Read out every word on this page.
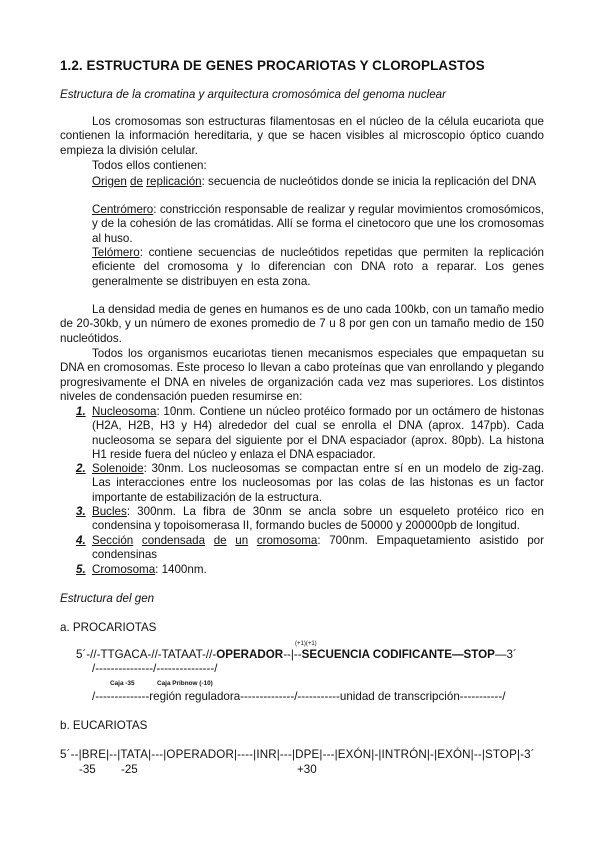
1.2. ESTRUCTURA DE GENES PROCARIOTAS Y CLOROPLASTOS
Estructura de la cromatina y arquitectura cromosómica del genoma nuclear
Los cromosomas son estructuras filamentosas en el núcleo de la célula eucariota que contienen la información hereditaria, y que se hacen visibles al microscopio óptico cuando empieza la división celular.
Todos ellos contienen:
Origen de replicación: secuencia de nucleótidos donde se inicia la replicación del DNA
Centrómero: constricción responsable de realizar y regular movimientos cromosómicos, y de la cohesión de las cromátidas. Allí se forma el cinetocoro que une los cromosomas al huso.
Telómero: contiene secuencias de nucleótidos repetidas que permiten la replicación eficiente del cromosoma y lo diferencian con DNA roto a reparar. Los genes generalmente se distribuyen en esta zona.
La densidad media de genes en humanos es de uno cada 100kb, con un tamaño medio de 20-30kb, y un número de exones promedio de 7 u 8 por gen con un tamaño medio de 150 nucleótidos.
Todos los organismos eucariotas tienen mecanismos especiales que empaquetan su DNA en cromosomas. Este proceso lo llevan a cabo proteínas que van enrollando y plegando progresivamente el DNA en niveles de organización cada vez mas superiores. Los distintos niveles de condensación pueden resumirse en:
1. Nucleosoma: 10nm. Contiene un núcleo protéico formado por un octámero de histonas (H2A, H2B, H3 y H4) alrededor del cual se enrolla el DNA (aprox. 147pb). Cada nucleosoma se separa del siguiente por el DNA espaciador (aprox. 80pb). La histona H1 reside fuera del núcleo y enlaza el DNA espaciador.
2. Solenoide: 30nm. Los nucleosomas se compactan entre sí en un modelo de zig-zag. Las interacciones entre los nucleosomas por las colas de las histonas es un factor importante de estabilización de la estructura.
3. Bucles: 300nm. La fibra de 30nm se ancla sobre un esqueleto protéico rico en condensina y topoisomerasa II, formando bucles de 50000 y 200000pb de longitud.
4. Sección condensada de un cromosoma: 700nm. Empaquetamiento asistido por condensinas
5. Cromosoma: 1400nm.
Estructura del gen
a. PROCARIOTAS
(+1)(+1)
5´-//-TTGACA-//-TATAAT-//-OPERADOR--|--SECUENCIA CODIFICANTE—STOP—3´
/---------------/---------------/
Caja -35	Caja Pribnow (-10)
/--------------región reguladora--------------/-----------unidad de transcripción-----------/
b. EUCARIOTAS
5´--|BRE|--|TATA|---|OPERADOR|----|INR|---|DPE|---|EXÓN|-|INTRÓN|-|EXÓN|--|STOP|-3´
-35 -25	+30
